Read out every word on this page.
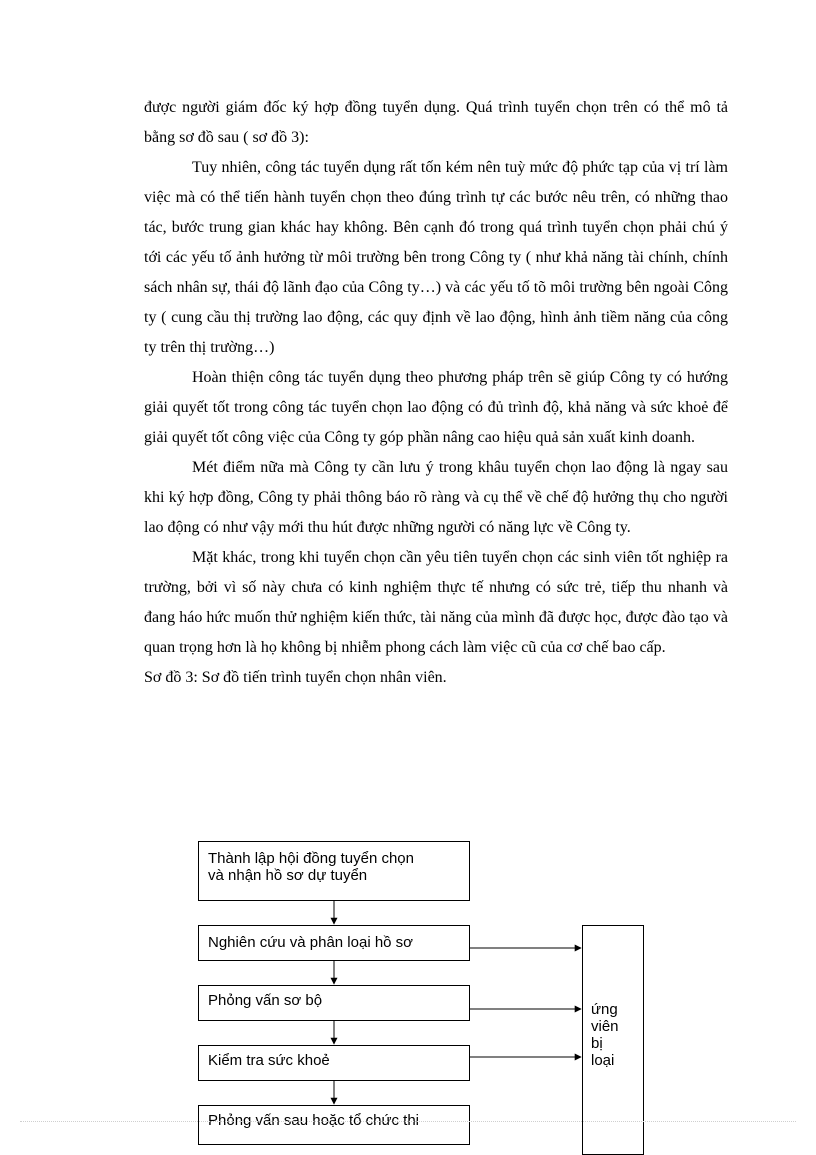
được người giám đốc ký hợp đồng tuyển dụng. Quá trình tuyển chọn trên có thể mô tả bằng sơ đồ sau ( sơ đồ 3):

Tuy nhiên, công tác tuyển dụng rất tốn kém nên tuỳ mức độ phức tạp của vị trí làm việc mà có thể tiến hành tuyển chọn theo đúng trình tự các bước nêu trên, có những thao tác, bước trung gian khác hay không. Bên cạnh đó trong quá trình tuyển chọn phải chú ý tới các yếu tố ảnh hưởng từ môi trường bên trong Công ty ( như khả năng tài chính, chính sách nhân sự, thái độ lãnh đạo của Công ty…) và các yếu tố tõ môi trường bên ngoài Công ty ( cung cầu thị trường lao động, các quy định về lao động, hình ảnh tiềm năng của công ty trên thị trường…)

Hoàn thiện công tác tuyển dụng theo phương pháp trên sẽ giúp Công ty có hướng giải quyết tốt trong công tác tuyển chọn lao động có đủ trình độ, khả năng và sức khoẻ để giải quyết tốt công việc của Công ty góp phần nâng cao hiệu quả sản xuất kinh doanh.

Mét điểm nữa mà Công ty cần lưu ý trong khâu tuyển chọn lao động là ngay sau khi ký hợp đồng, Công ty phải thông báo rõ ràng và cụ thể về chế độ hưởng thụ cho người lao động có như vậy mới thu hút được những người có năng lực về Công ty.

Mặt khác, trong khi tuyển chọn cần yêu tiên tuyển chọn các sinh viên tốt nghiệp ra trường, bởi vì số này chưa có kinh nghiệm thực tế nhưng có sức trẻ, tiếp thu nhanh và đang háo hức muốn thử nghiệm kiến thức, tài năng của mình đã được học, được đào tạo và quan trọng hơn là họ không bị nhiễm phong cách làm việc cũ của cơ chế bao cấp.

Sơ đồ 3: Sơ đồ tiến trình tuyển chọn nhân viên.

Thành lập hội đồng tuyển chọn
và nhận hồ sơ dự tuyển
Nghiên cứu và phân loại hồ sơ
Phỏng vấn sơ bộ
Kiểm tra sức khoẻ
Phỏng vấn sau hoặc tổ chức thi
ứng
viên
bị
loại
